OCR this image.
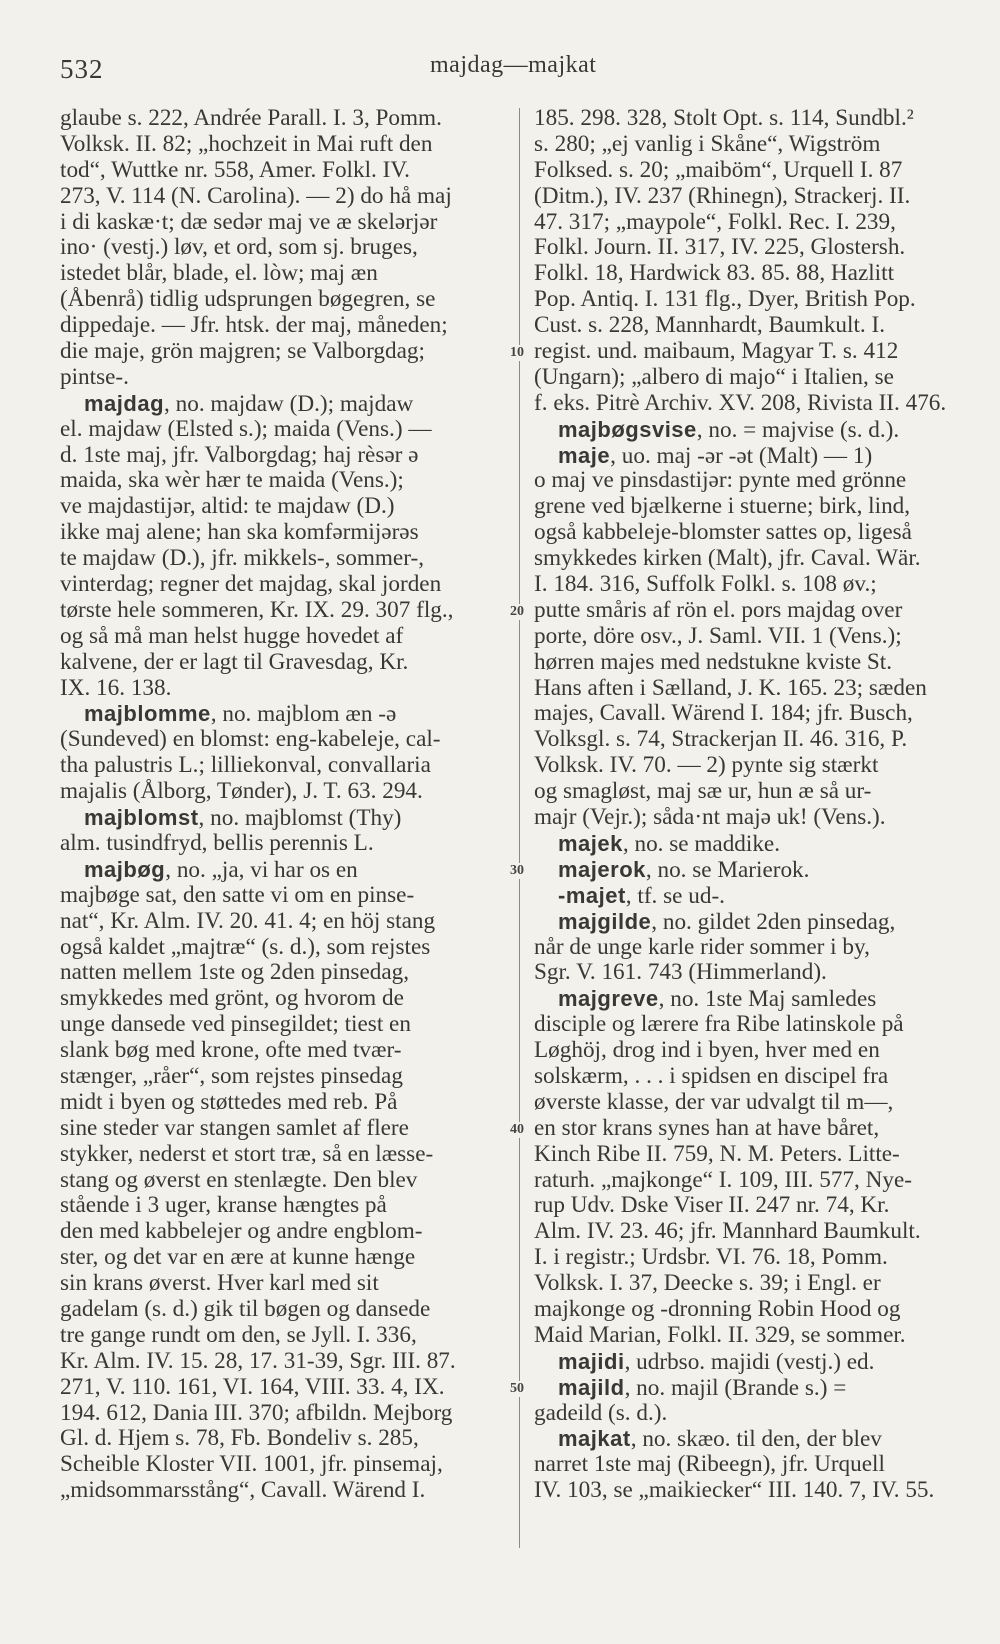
532	majdag—majkat
glaube s. 222, Andrée Parall. I. 3, Pomm.
Volksk. II. 82; „hochzeit in Mai ruft den
tod“, Wuttke nr. 558, Amer. Folkl. IV.
273, V. 114 (N. Carolina). — 2) do hå maj
i di kaskæ·t; dæ sedər maj ve æ skelərjər
ino· (vestj.) løv, et ord, som sj. bruges,
istedet blår, blade, el. lòw; maj æn
(Åbenrå) tidlig udsprungen bøgegren, se
dippedaje. — Jfr. htsk. der maj, måneden;
die maje, grön majgren; se Valborgdag;
pintse-.
majdag, no. majdaw (D.); majdaw
el. majdaw (Elsted s.); maida (Vens.) —
d. 1ste maj, jfr. Valborgdag; haj rèsər ə
maida, ska wèr hær te maida (Vens.);
ve majdastijər, altid: te majdaw (D.)
ikke maj alene; han ska komfərmijərəs
te majdaw (D.), jfr. mikkels-, sommer-,
vinterdag; regner det majdag, skal jorden
tørste hele sommeren, Kr. IX. 29. 307 flg.,
og så må man helst hugge hovedet af
kalvene, der er lagt til Gravesdag, Kr.
IX. 16. 138.
majblomme, no. majblom æn -ə
(Sundeved) en blomst: eng-kabeleje, cal-
tha palustris L.; lilliekonval, convallaria
majalis (Ålborg, Tønder), J. T. 63. 294.
majblomst, no. majblomst (Thy)
alm. tusindfryd, bellis perennis L.
majbøg, no. „ja, vi har os en
majbøge sat, den satte vi om en pinse-
nat“, Kr. Alm. IV. 20. 41. 4; en höj stang
også kaldet „majtræ“ (s. d.), som rejstes
natten mellem 1ste og 2den pinsedag,
smykkedes med grönt, og hvorom de
unge dansede ved pinsegildet; tiest en
slank bøg med krone, ofte med tvær-
stænger, „råer“, som rejstes pinsedag
midt i byen og støttedes med reb. På
sine steder var stangen samlet af flere
stykker, nederst et stort træ, så en læsse-
stang og øverst en stenlægte. Den blev
stående i 3 uger, kranse hængtes på
den med kabbelejer og andre engblom-
ster, og det var en ære at kunne hænge
sin krans øverst. Hver karl med sit
gadelam (s. d.) gik til bøgen og dansede
tre gange rundt om den, se Jyll. I. 336,
Kr. Alm. IV. 15. 28, 17. 31-39, Sgr. III. 87.
271, V. 110. 161, VI. 164, VIII. 33. 4, IX.
194. 612, Dania III. 370; afbildn. Mejborg
Gl. d. Hjem s. 78, Fb. Bondeliv s. 285,
Scheible Kloster VII. 1001, jfr. pinsemaj,
„midsommarsstång“, Cavall. Wärend I.
185. 298. 328, Stolt Opt. s. 114, Sundbl.²
s. 280; „ej vanlig i Skåne“, Wigström
Folksed. s. 20; „maiböm“, Urquell I. 87
(Ditm.), IV. 237 (Rhinegn), Strackerj. II.
47. 317; „maypole“, Folkl. Rec. I. 239,
Folkl. Journ. II. 317, IV. 225, Glostersh.
Folkl. 18, Hardwick 83. 85. 88, Hazlitt
Pop. Antiq. I. 131 flg., Dyer, British Pop.
Cust. s. 228, Mannhardt, Baumkult. I.
regist. und. maibaum, Magyar T. s. 412
(Ungarn); „albero di majo“ i Italien, se
f. eks. Pitrè Archiv. XV. 208, Rivista II. 476.
majbøgsvise, no. = majvise (s. d.).
maje, uo. maj -ər -ət (Malt) — 1)
o maj ve pinsdastijər: pynte med grönne
grene ved bjælkerne i stuerne; birk, lind,
også kabbeleje-blomster sattes op, ligeså
smykkedes kirken (Malt), jfr. Caval. Wär.
I. 184. 316, Suffolk Folkl. s. 108 øv.;
putte småris af rön el. pors majdag over
porte, döre osv., J. Saml. VII. 1 (Vens.);
hørren majes med nedstukne kviste St.
Hans aften i Sælland, J. K. 165. 23; sæden
majes, Cavall. Wärend I. 184; jfr. Busch,
Volksgl. s. 74, Strackerjan II. 46. 316, P.
Volksk. IV. 70. — 2) pynte sig stærkt
og smagløst, maj sæ ur, hun æ så ur-
majr (Vejr.); såda·nt majə uk! (Vens.).
majek, no. se maddike.
majerok, no. se Marierok.
-majet, tf. se ud-.
majgilde, no. gildet 2den pinsedag,
når de unge karle rider sommer i by,
Sgr. V. 161. 743 (Himmerland).
majgreve, no. 1ste Maj samledes
disciple og lærere fra Ribe latinskole på
Løghöj, drog ind i byen, hver med en
solskærm, . . . i spidsen en discipel fra
øverste klasse, der var udvalgt til m—,
en stor krans synes han at have båret,
Kinch Ribe II. 759, N. M. Peters. Litte-
raturh. „majkonge“ I. 109, III. 577, Nye-
rup Udv. Dske Viser II. 247 nr. 74, Kr.
Alm. IV. 23. 46; jfr. Mannhard Baumkult.
I. i registr.; Urdsbr. VI. 76. 18, Pomm.
Volksk. I. 37, Deecke s. 39; i Engl. er
majkonge og -dronning Robin Hood og
Maid Marian, Folkl. II. 329, se sommer.
majidi, udrbso. majidi (vestj.) ed.
majild, no. majil (Brande s.) =
gadeild (s. d.).
majkat, no. skæo. til den, der blev
narret 1ste maj (Ribeegn), jfr. Urquell
IV. 103, se „maikiecker“ III. 140. 7, IV. 55.
10
20
30
40
50
